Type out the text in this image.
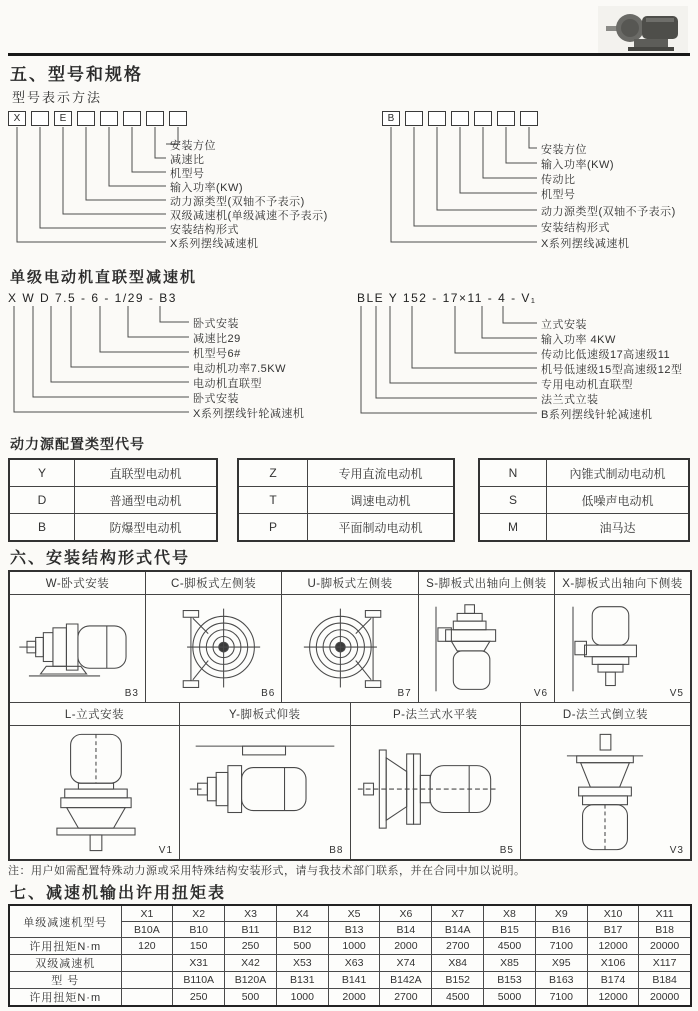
五、型号和规格
型号表示方法
X	E
安装方位
减速比
机型号
输入功率(KW)
动力源类型(双轴不予表示)
双级减速机(单级减速不予表示)
安装结构形式
X系列摆线减速机
B
安装方位
输入功率(KW)
传动比
机型号
动力源类型(双轴不予表示)
安装结构形式
X系列摆线减速机
单级电动机直联型减速机
X W D 7.5 - 6 - 1/29 - B3
卧式安装
减速比29
机型号6#
电动机功率7.5KW
电动机直联型
卧式安装
X系列摆线针轮减速机
BLE Y 152 - 17×11 - 4 - V₁
立式安装
输入功率 4KW
传动比低速级17高速级11
机号低速级15型高速级12型
专用电动机直联型
法兰式立装
B系列摆线针轮减速机
动力源配置类型代号
Y	直联型电动机
D	普通型电动机
B	防爆型电动机
Z	专用直流电动机
T	调速电动机
P	平面制动电动机
N	內锥式制动电动机
S	低噪声电动机
M	油马达
六、安装结构形式代号
W-卧式安装	C-脚板式左侧装		U-脚板式左侧装		S-脚板式出轴向上侧装		X-脚板式出轴向下侧装

B3	B6		B7		V6		V5

L-立式安装		Y-脚板式仰装		P-法兰式水平装		D-法兰式倒立装	

V1		B8		B5		V3	
注：用户如需配置特殊动力源或采用特殊结构安装形式，请与我技术部门联系，并在合同中加以说明。
七、减速机输出许用扭矩表
单级减速机型号	X1	X2	X3	X4	X5	X6	X7	X8	X9	X10	X11
	B10A	B10	B11	B12	B13	B14	B14A	B15	B16	B17	B18
许用扭矩N·m	120	150	250	500	1000	2000	2700	4500	7100	12000	20000
双级减速机		X31	X42	X53	X63	X74	X84	X85	X95	X106	X117
型 号		B110A	B120A	B131	B141	B142A	B152	B153	B163	B174	B184
许用扭矩N·m		250	500	1000	2000	2700	4500	5000	7100	12000	20000
